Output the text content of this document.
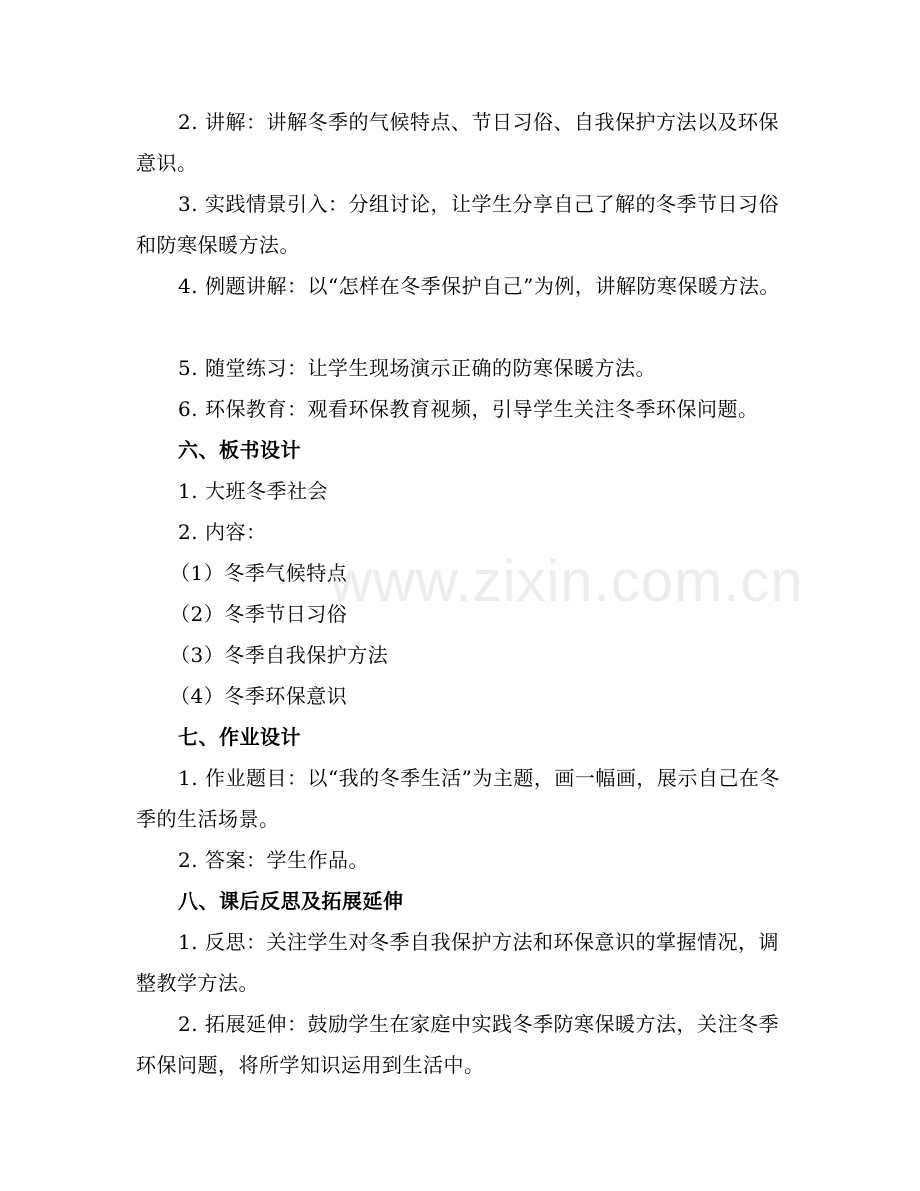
2. 讲解：讲解冬季的气候特点、节日习俗、自我保护方法以及环保意识。
3. 实践情景引入：分组讨论，让学生分享自己了解的冬季节日习俗和防寒保暖方法。
4. 例题讲解：以“怎样在冬季保护自己”为例，讲解防寒保暖方法。
5. 随堂练习：让学生现场演示正确的防寒保暖方法。
6. 环保教育：观看环保教育视频，引导学生关注冬季环保问题。
六、板书设计
1. 大班冬季社会
2. 内容：
（1）冬季气候特点
（2）冬季节日习俗
（3）冬季自我保护方法
（4）冬季环保意识
七、作业设计
1. 作业题目：以“我的冬季生活”为主题，画一幅画，展示自己在冬季的生活场景。
2. 答案：学生作品。
八、课后反思及拓展延伸
1. 反思：关注学生对冬季自我保护方法和环保意识的掌握情况，调整教学方法。
2. 拓展延伸：鼓励学生在家庭中实践冬季防寒保暖方法，关注冬季环保问题，将所学知识运用到生活中。
www.zixin.com.cn
